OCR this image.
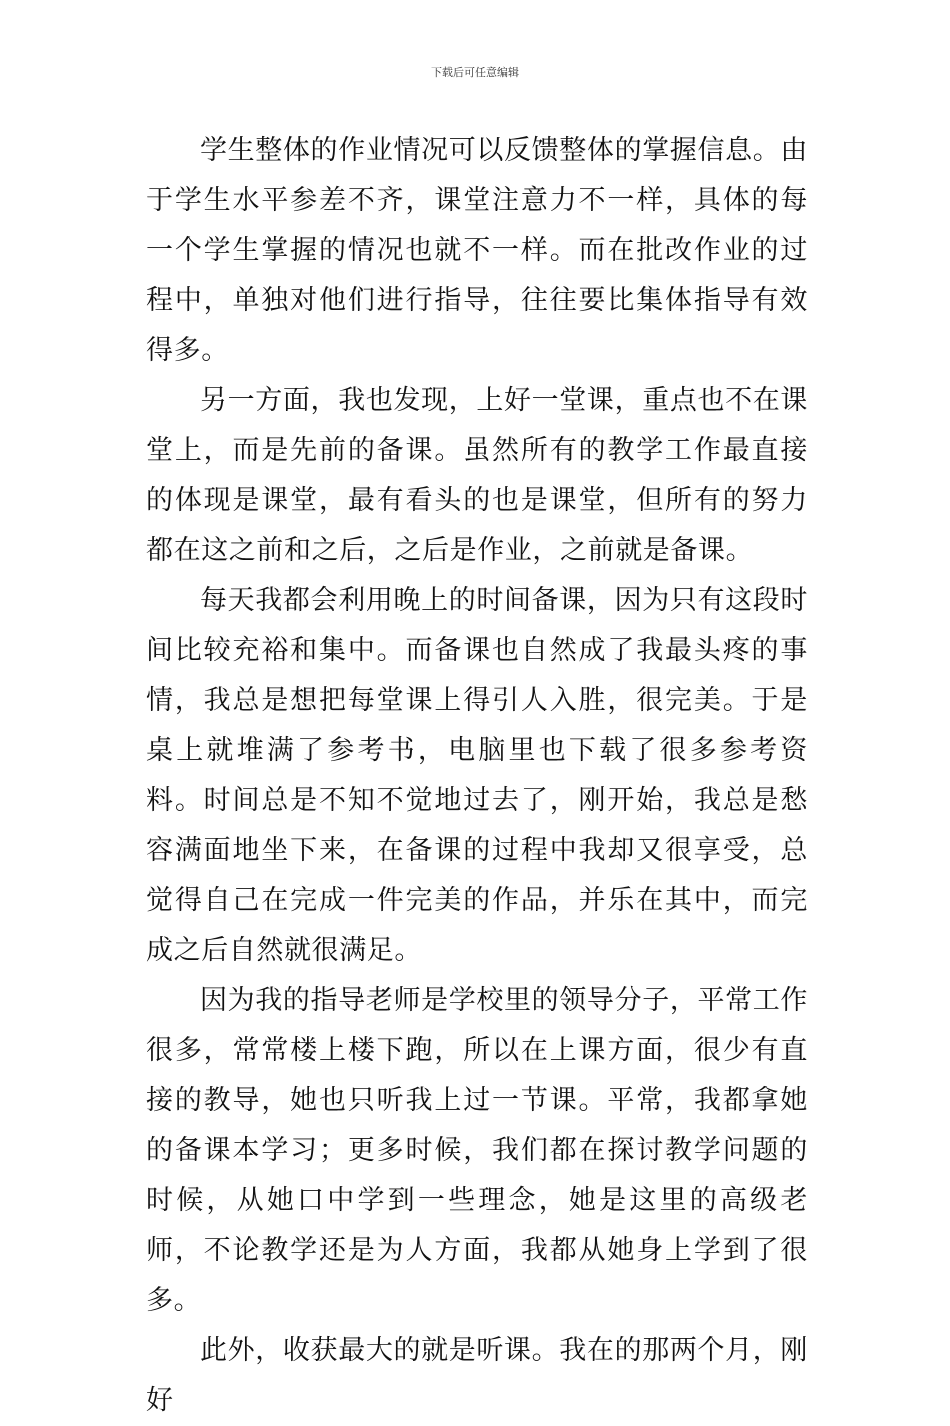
下载后可任意编辑

学生整体的作业情况可以反馈整体的掌握信息。由于学生水平参差不齐，课堂注意力不一样，具体的每一个学生掌握的情况也就不一样。而在批改作业的过程中，单独对他们进行指导，往往要比集体指导有效得多。

另一方面，我也发现，上好一堂课，重点也不在课堂上，而是先前的备课。虽然所有的教学工作最直接的体现是课堂，最有看头的也是课堂，但所有的努力都在这之前和之后，之后是作业，之前就是备课。

每天我都会利用晚上的时间备课，因为只有这段时间比较充裕和集中。而备课也自然成了我最头疼的事情，我总是想把每堂课上得引人入胜，很完美。于是桌上就堆满了参考书，电脑里也下载了很多参考资料。时间总是不知不觉地过去了，刚开始，我总是愁容满面地坐下来，在备课的过程中我却又很享受，总觉得自己在完成一件完美的作品，并乐在其中，而完成之后自然就很满足。

因为我的指导老师是学校里的领导分子，平常工作很多，常常楼上楼下跑，所以在上课方面，很少有直接的教导，她也只听我上过一节课。平常，我都拿她的备课本学习；更多时候，我们都在探讨教学问题的时候，从她口中学到一些理念，她是这里的高级老师，不论教学还是为人方面，我都从她身上学到了很多。

此外，收获最大的就是听课。我在的那两个月，刚好
